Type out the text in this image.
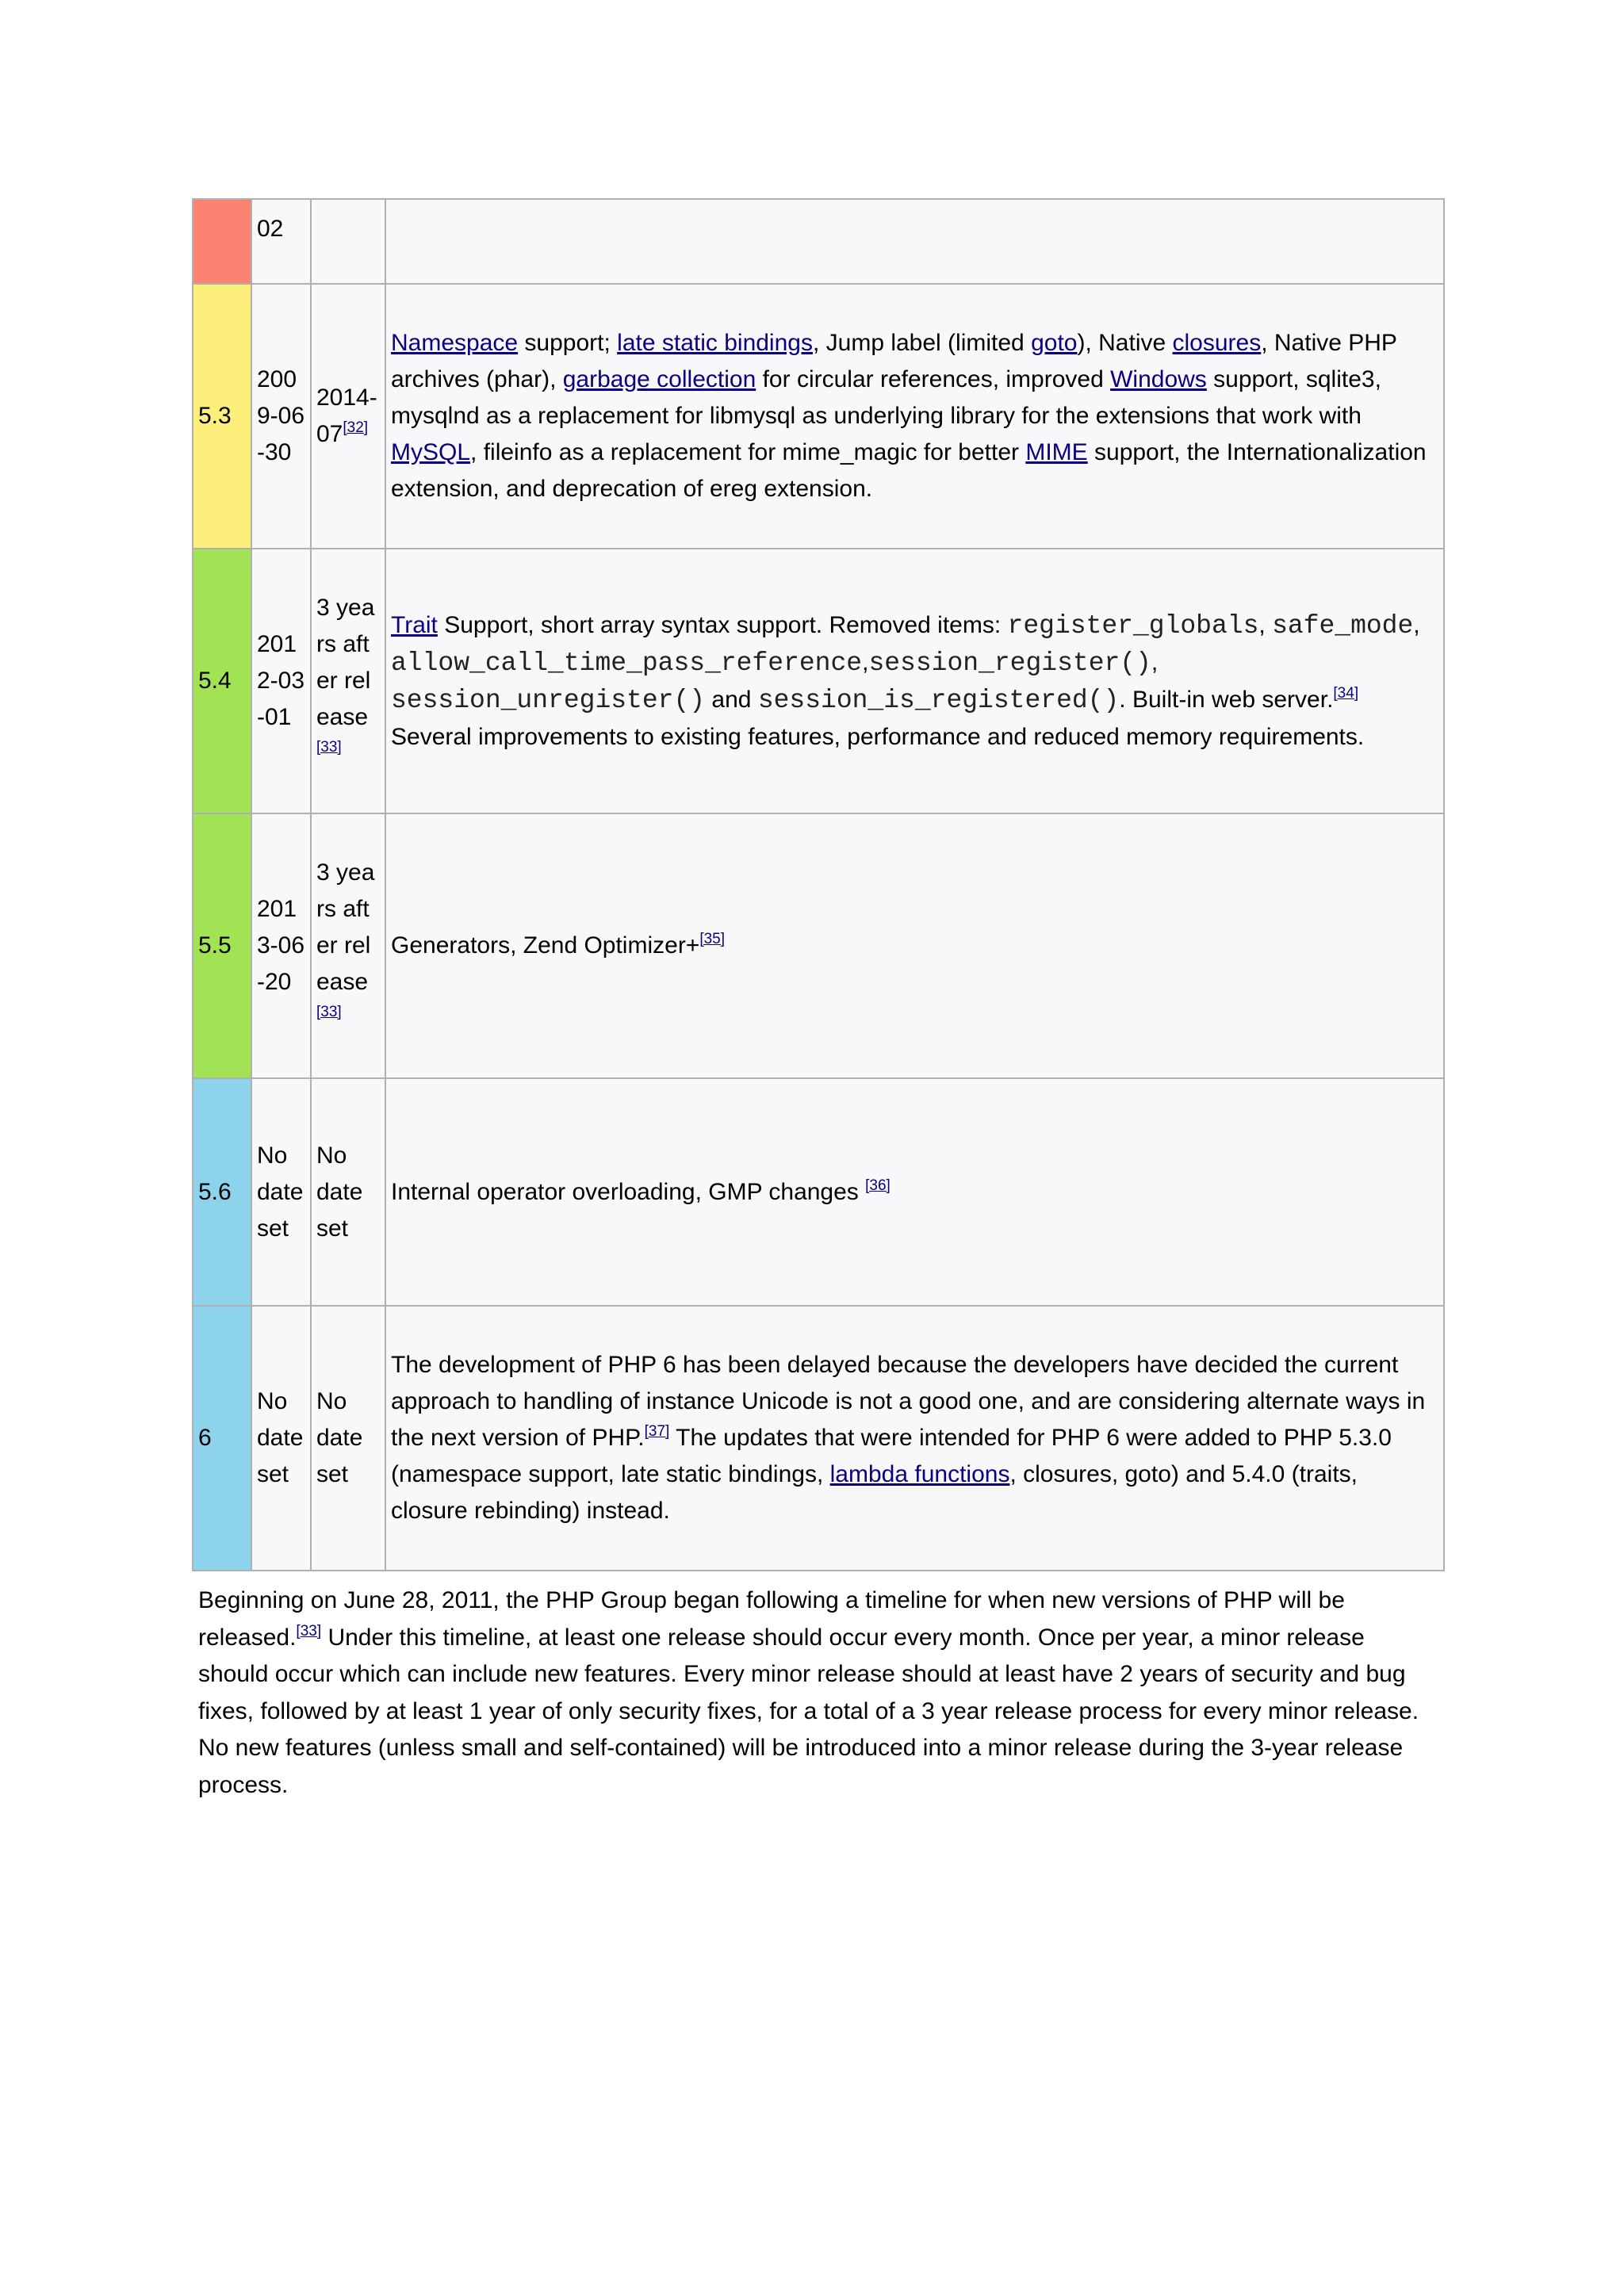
	02		
5.3	2009-06-30	2014-07[32]	Namespace support; late static bindings, Jump label (limited goto), Native closures, Native PHP archives (phar), garbage collection for circular references, improved Windows support, sqlite3, mysqlnd as a replacement for libmysql as underlying library for the extensions that work with MySQL, fileinfo as a replacement for mime_magic for better MIME support, the Internationalization extension, and deprecation of ereg extension.
5.4	2012-03-01	3 years after release[33]	Trait Support, short array syntax support. Removed items: register_globals, safe_mode, allow_call_time_pass_reference,session_register(), session_unregister() and session_is_registered(). Built-in web server.[34] Several improvements to existing features, performance and reduced memory requirements.
5.5	2013-06-20	3 years after release[33]	Generators, Zend Optimizer+[35]
5.6	No date set	No date set	Internal operator overloading, GMP changes [36]
6	No date set	No date set	The development of PHP 6 has been delayed because the developers have decided the current approach to handling of instance Unicode is not a good one, and are considering alternate ways in the next version of PHP.[37] The updates that were intended for PHP 6 were added to PHP 5.3.0 (namespace support, late static bindings, lambda functions, closures, goto) and 5.4.0 (traits, closure rebinding) instead.

Beginning on June 28, 2011, the PHP Group began following a timeline for when new versions of PHP will be released.[33] Under this timeline, at least one release should occur every month. Once per year, a minor release should occur which can include new features. Every minor release should at least have 2 years of security and bug fixes, followed by at least 1 year of only security fixes, for a total of a 3 year release process for every minor release. No new features (unless small and self-contained) will be introduced into a minor release during the 3-year release process.
